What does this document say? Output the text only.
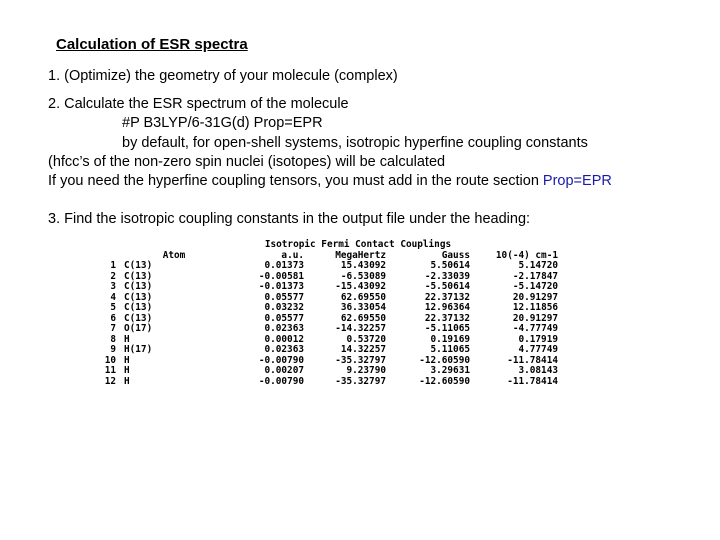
Calculation of ESR spectra
1. (Optimize) the geometry of your molecule (complex)
2. Calculate the ESR spectrum of the molecule
#P B3LYP/6-31G(d) Prop=EPR
by default, for open-shell systems, isotropic hyperfine coupling constants
(hfcc’s of the non-zero spin nuclei (isotopes) will be calculated
If you need the hyperfine coupling tensors, you must add in the route section Prop=EPR
3. Find the isotropic coupling constants in the output file under the heading:
Isotropic Fermi Contact Couplings					
	Atom	a.u.	MegaHertz	Gauss	10(-4) cm-1
1	C(13)	0.01373	15.43092	5.50614	5.14720
2	C(13)	-0.00581	-6.53089	-2.33039	-2.17847
3	C(13)	-0.01373	-15.43092	-5.50614	-5.14720
4	C(13)	0.05577	62.69550	22.37132	20.91297
5	C(13)	0.03232	36.33054	12.96364	12.11856
6	C(13)	0.05577	62.69550	22.37132	20.91297
7	O(17)	0.02363	-14.32257	-5.11065	-4.77749
8	H	0.00012	0.53720	0.19169	0.17919
9	H(17)	0.02363	14.32257	5.11065	4.77749
10	H	-0.00790	-35.32797	-12.60590	-11.78414
11	H	0.00207	9.23790	3.29631	3.08143
12	H	-0.00790	-35.32797	-12.60590	-11.78414
